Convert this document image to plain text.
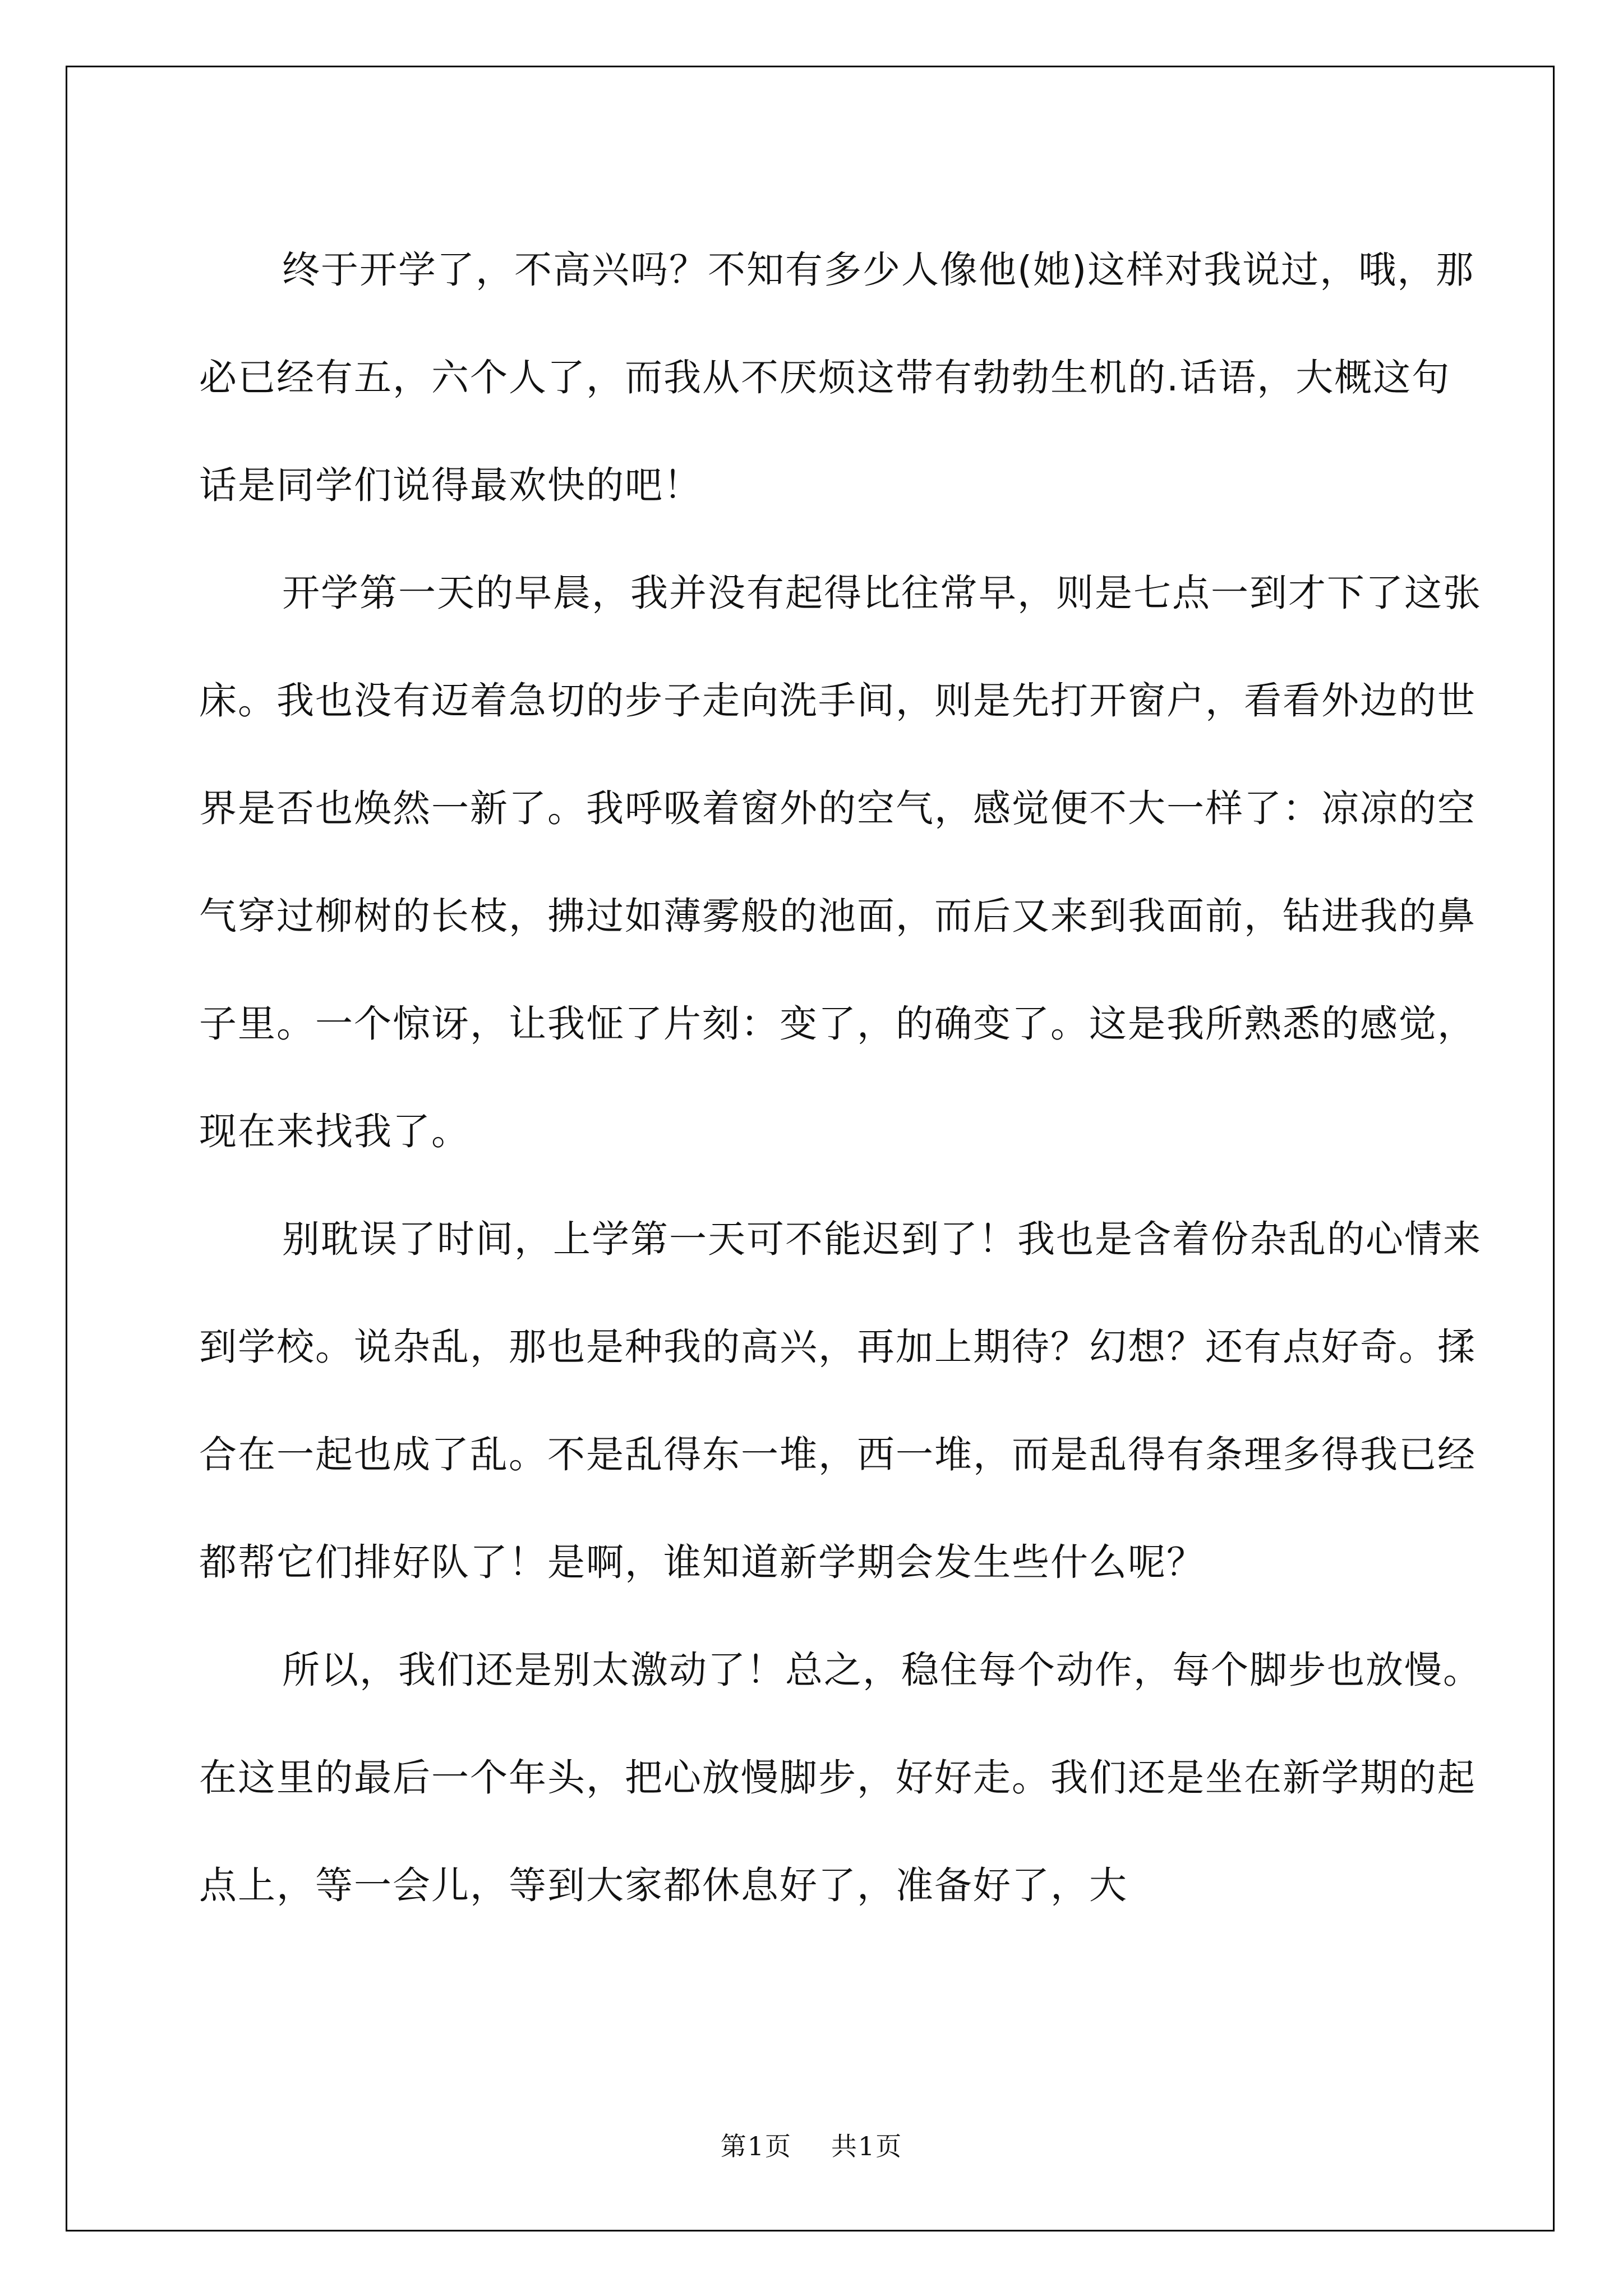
终于开学了，不高兴吗？不知有多少人像他(她)这样对我说过，哦，那必已经有五，六个人了，而我从不厌烦这带有勃勃生机的.话语，大概这句话是同学们说得最欢快的吧！

开学第一天的早晨，我并没有起得比往常早，则是七点一到才下了这张床。我也没有迈着急切的步子走向洗手间，则是先打开窗户，看看外边的世界是否也焕然一新了。我呼吸着窗外的空气，感觉便不大一样了：凉凉的空气穿过柳树的长枝，拂过如薄雾般的池面，而后又来到我面前，钻进我的鼻子里。一个惊讶，让我怔了片刻：变了，的确变了。这是我所熟悉的感觉，现在来找我了。

别耽误了时间，上学第一天可不能迟到了！我也是含着份杂乱的心情来到学校。说杂乱，那也是种我的高兴，再加上期待？幻想？还有点好奇。揉合在一起也成了乱。不是乱得东一堆，西一堆，而是乱得有条理多得我已经都帮它们排好队了！是啊，谁知道新学期会发生些什么呢？

所以，我们还是别太激动了！总之，稳住每个动作，每个脚步也放慢。在这里的最后一个年头，把心放慢脚步，好好走。我们还是坐在新学期的起点上，等一会儿，等到大家都休息好了，准备好了，大

第1页 共1页
